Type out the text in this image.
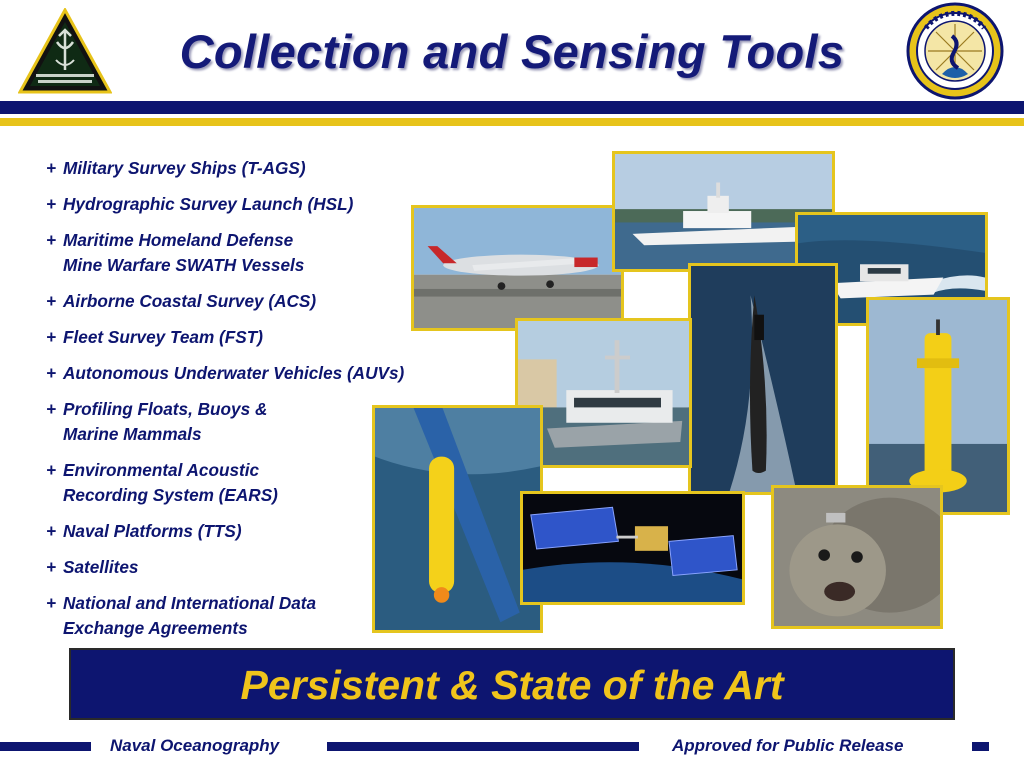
Collection and Sensing Tools
+ Military Survey Ships (T-AGS)
+ Hydrographic Survey Launch (HSL)
+ Maritime Homeland Defense
Mine Warfare SWATH Vessels
+ Airborne Coastal Survey (ACS)
+ Fleet Survey Team (FST)
+ Autonomous Underwater Vehicles (AUVs)
+ Profiling Floats, Buoys &
Marine Mammals
+ Environmental Acoustic
Recording System (EARS)
+ Naval Platforms (TTS)
+ Satellites
+ National and International Data
Exchange Agreements
Persistent & State of the Art
Naval Oceanography	Approved for Public Release
